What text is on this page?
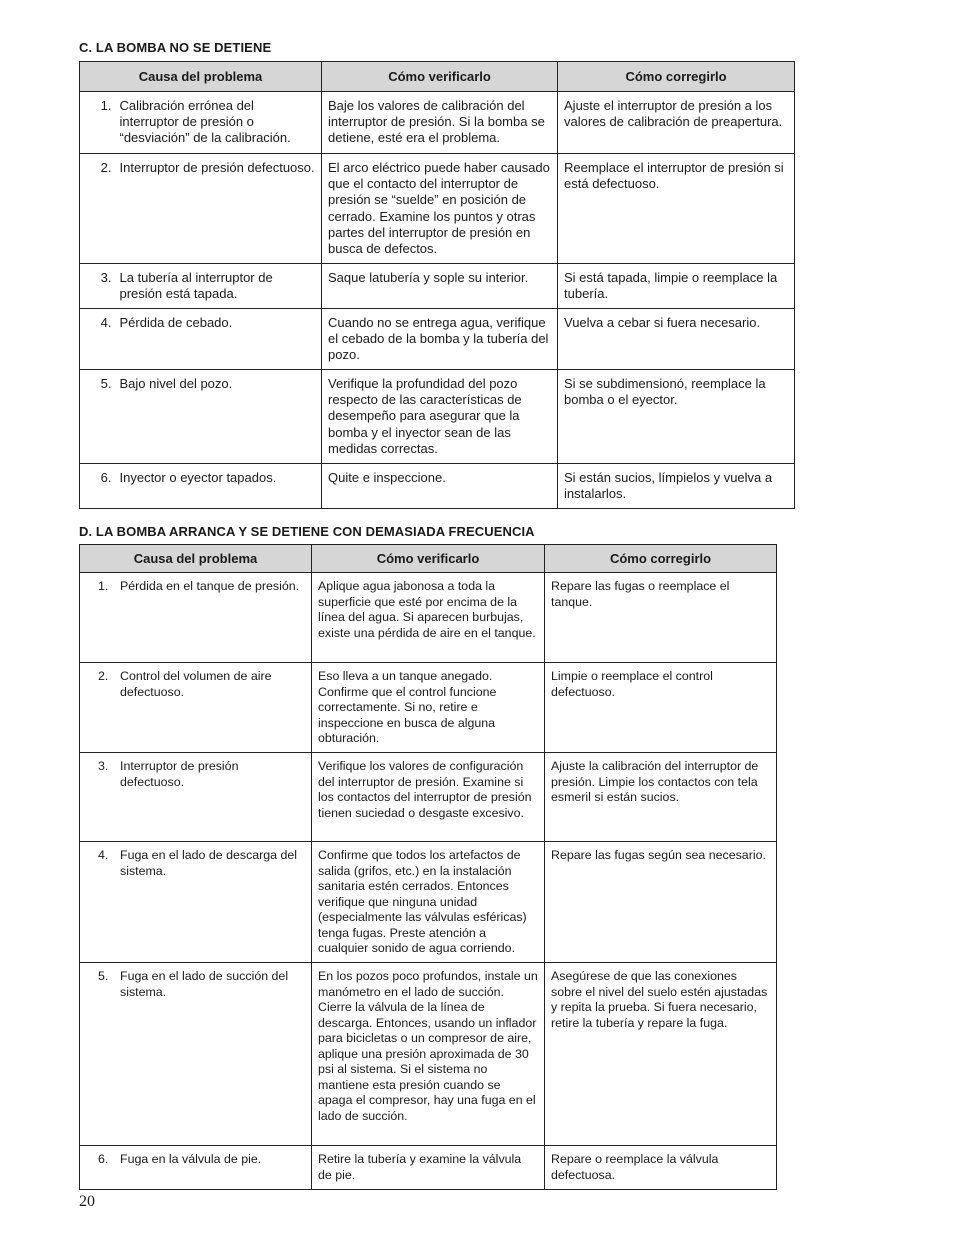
C. LA BOMBA NO SE DETIENE
Causa del problema		Cómo verificarlo	Cómo corregirlo
1.	Calibración errónea del interruptor de presión o “desviación” de la calibración.	Baje los valores de calibración del interruptor de presión. Si la bomba se detiene, esté era el problema.	Ajuste el interruptor de presión a los valores de calibración de preapertura.
2.	Interruptor de presión defectuoso.	El arco eléctrico puede haber causado que el contacto del interruptor de presión se “suelde” en posición de cerrado. Examine los puntos y otras partes del interruptor de presión en busca de defectos.	Reemplace el interruptor de presión si está defectuoso.
3.	La tubería al interruptor de presión está tapada.	Saque latubería y sople su interior.	Si está tapada, limpie o reemplace la tubería.
4.	Pérdida de cebado.	Cuando no se entrega agua, verifique el cebado de la bomba y la tubería del pozo.	Vuelva a cebar si fuera necesario.
5.	Bajo nivel del pozo.	Verifique la profundidad del pozo respecto de las características de desempeño para asegurar que la bomba y el inyector sean de las medidas correctas.	Si se subdimensionó, reemplace la bomba o el eyector.
6.	Inyector o eyector tapados.	Quite e inspeccione.	Si están sucios, límpielos y vuelva a instalarlos.
D. LA BOMBA ARRANCA Y SE DETIENE CON DEMASIADA FRECUENCIA
Causa del problema	Cómo verificarlo	Cómo corregirlo

1. Pérdida en el tanque de presión.	Aplique agua jabonosa a toda la superficie que esté por encima de la línea del agua. Si aparecen burbujas, existe una pérdida de aire en el tanque.	Repare las fugas o reemplace el tanque.

2. Control del volumen de aire defectuoso.	Eso lleva a un tanque anegado. Confirme que el control funcione correctamente. Si no, retire e inspeccione en busca de alguna obturación.	Limpie o reemplace el control defectuoso.

3. Interruptor de presión defectuoso.	Verifique los valores de configuración del interruptor de presión. Examine si los contactos del interruptor de presión tienen suciedad o desgaste excesivo.	Ajuste la calibración del interruptor de presión. Limpie los contactos con tela esmeril si están sucios.

4. Fuga en el lado de descarga del sistema.	Confirme que todos los artefactos de salida (grifos, etc.) en la instalación sanitaria estén cerrados. Entonces verifique que ninguna unidad (especialmente las válvulas esféricas) tenga fugas. Preste atención a cualquier sonido de agua corriendo.	Repare las fugas según sea necesario.

5. Fuga en el lado de succión del sistema.	En los pozos poco profundos, instale un manómetro en el lado de succión. Cierre la válvula de la línea de descarga. Entonces, usando un inflador para bicicletas o un compresor de aire, aplique una presión aproximada de 30 psi al sistema. Si el sistema no mantiene esta presión cuando se apaga el compresor, hay una fuga en el lado de succión.	Asegúrese de que las conexiones sobre el nivel del suelo estén ajustadas y repita la prueba. Si fuera necesario, retire la tubería y repare la fuga.

6. Fuga en la válvula de pie.	Retire la tubería y examine la válvula de pie.	Repare o reemplace la válvula defectuosa.
20
